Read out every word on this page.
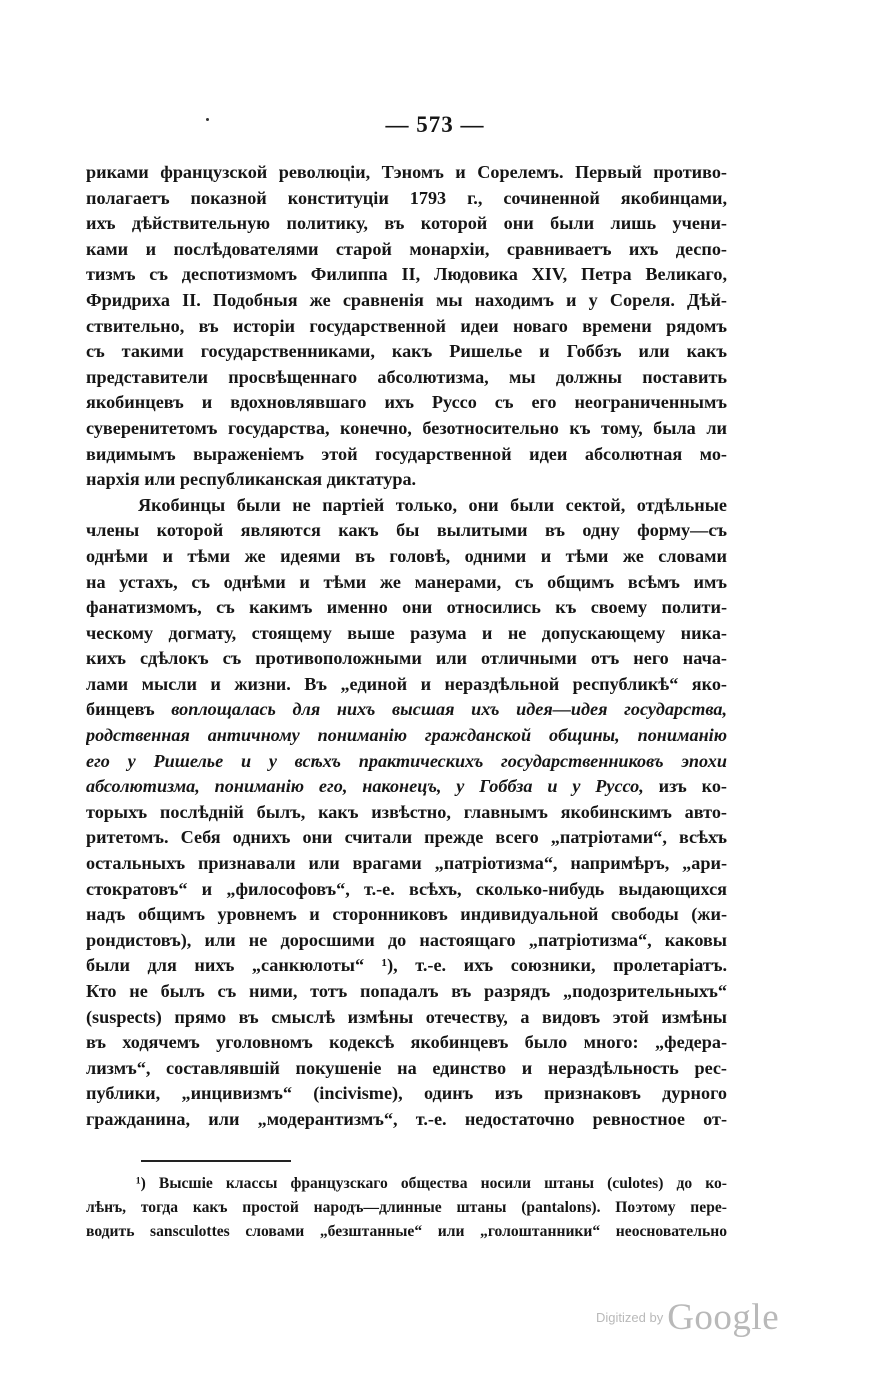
— 573 —
риками французской революціи, Тэномъ и Сорелемъ. Первый противо-
полагаетъ показной конституціи 1793 г., сочиненной якобинцами,
ихъ дѣйствительную политику, въ которой они были лишь учени-
ками и послѣдователями старой монархіи, сравниваетъ ихъ деспо-
тизмъ съ деспотизмомъ Филиппа II, Людовика XIV, Петра Великаго,
Фридриха II. Подобныя же сравненія мы находимъ и у Сореля. Дѣй-
ствительно, въ исторіи государственной идеи новаго времени рядомъ
съ такими государственниками, какъ Ришелье и Гоббзъ или какъ
представители просвѣщеннаго абсолютизма, мы должны поставить
якобинцевъ и вдохновлявшаго ихъ Руссо съ его неограниченнымъ
суверенитетомъ государства, конечно, безотносительно къ тому, была ли
видимымъ выраженіемъ этой государственной идеи абсолютная мо-
нархія или республиканская диктатура.
Якобинцы были не партіей только, они были сектой, отдѣльные
члены которой являются какъ бы вылитыми въ одну форму—съ
однѣми и тѣми же идеями въ головѣ, одними и тѣми же словами
на устахъ, съ однѣми и тѣми же манерами, съ общимъ всѣмъ имъ
фанатизмомъ, съ какимъ именно они относились къ своему полити-
ческому догмату, стоящему выше разума и не допускающему ника-
кихъ сдѣлокъ съ противоположными или отличными отъ него нача-
лами мысли и жизни. Въ „единой и нераздѣльной республикѣ“ яко-
бинцевъ воплощалась для нихъ высшая ихъ идея—идея государства,
родственная античному пониманію гражданской общины, пониманію
его у Ришелье и у всѣхъ практическихъ государственниковъ эпохи
абсолютизма, пониманію его, наконецъ, у Гоббза и у Руссо, изъ ко-
торыхъ послѣдній былъ, какъ извѣстно, главнымъ якобинскимъ авто-
ритетомъ. Себя однихъ они считали прежде всего „патріотами“, всѣхъ
остальныхъ признавали или врагами „патріотизма“, напримѣръ, „ари-
стократовъ“ и „философовъ“, т.-е. всѣхъ, сколько-нибудь выдающихся
надъ общимъ уровнемъ и сторонниковъ индивидуальной свободы (жи-
рондистовъ), или не доросшими до настоящаго „патріотизма“, каковы
были для нихъ „санкюлоты“ ¹), т.-е. ихъ союзники, пролетаріатъ.
Кто не былъ съ ними, тотъ попадалъ въ разрядъ „подозрительныхъ“
(suspects) прямо въ смыслѣ измѣны отечеству, а видовъ этой измѣны
въ ходячемъ уголовномъ кодексѣ якобинцевъ было много: „федера-
лизмъ“, составлявшій покушеніе на единство и нераздѣльность рес-
публики, „инцивизмъ“ (incivisme), одинъ изъ признаковъ дурного
гражданина, или „модерантизмъ“, т.-е. недостаточно ревностное от-
¹) Высшіе классы французскаго общества носили штаны (culotes) до ко-
лѣнъ, тогда какъ простой народъ—длинные штаны (pantalons). Поэтому пере-
водить sansculottes словами „безштанные“ или „голоштанники“ неосновательно
Digitized by Google
